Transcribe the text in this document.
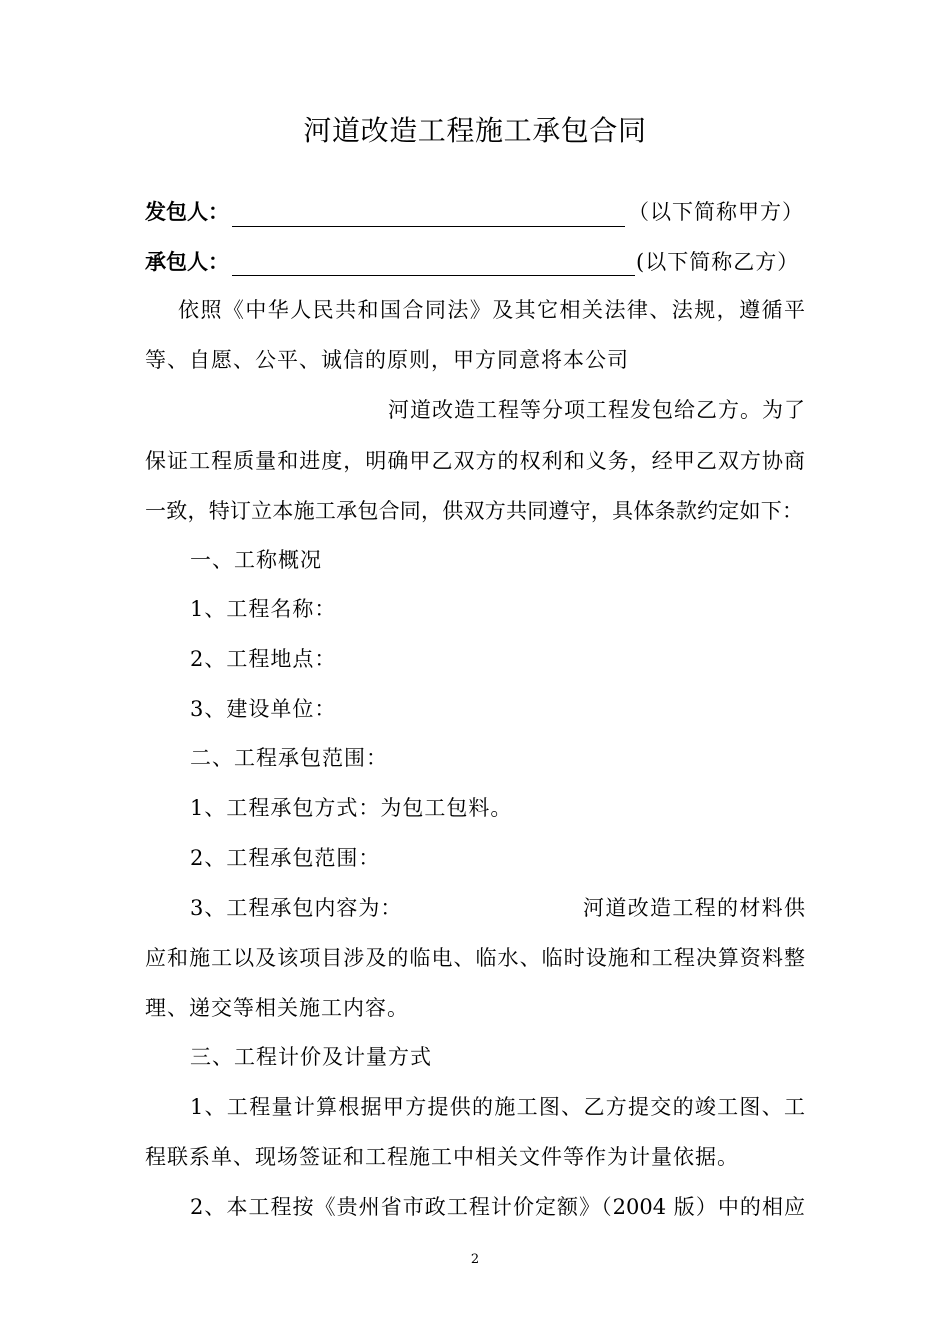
河道改造工程施工承包合同
发包人：	（以下简称甲方）
承包人：	(以下简称乙方）
依照《中华人民共和国合同法》及其它相关法律、法规，遵循平
等、自愿、公平、诚信的原则，甲方同意将本公司
河道改造工程等分项工程发包给乙方。为了
保证工程质量和进度，明确甲乙双方的权利和义务，经甲乙双方协商
一致，特订立本施工承包合同，供双方共同遵守，具体条款约定如下：
一、工称概况
1、工程名称：
2、工程地点：
3、建设单位：
二、工程承包范围：
1、工程承包方式：为包工包料。
2、工程承包范围：
3、工程承包内容为：	河道改造工程的材料供
应和施工以及该项目涉及的临电、临水、临时设施和工程决算资料整
理、递交等相关施工内容。
三、工程计价及计量方式
1、工程量计算根据甲方提供的施工图、乙方提交的竣工图、工
程联系单、现场签证和工程施工中相关文件等作为计量依据。
2、本工程按《贵州省市政工程计价定额》（2004 版）中的相应
2
